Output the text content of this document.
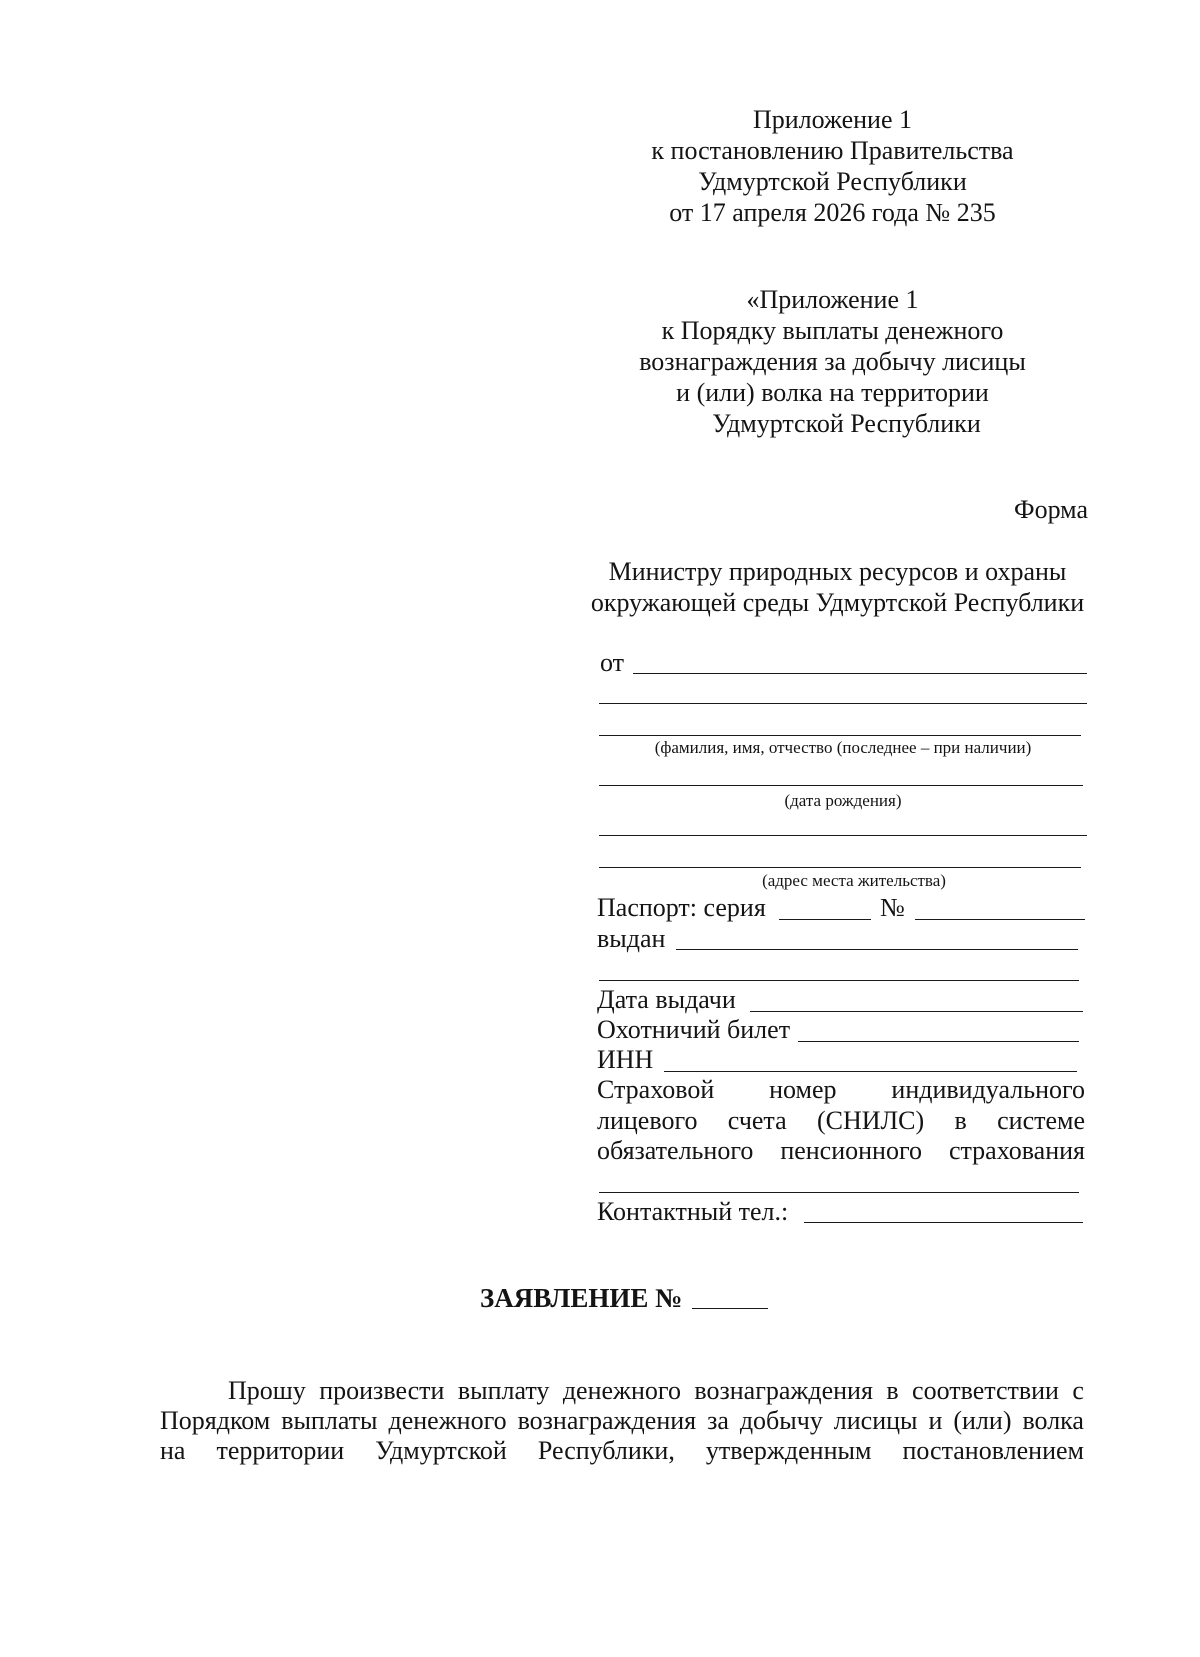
Приложение 1
к постановлению Правительства
Удмуртской Республики
от 17 апреля 2026 года № 235
«Приложение 1
к Порядку выплаты денежного
вознаграждения за добычу лисицы
и (или) волка на территории
Удмуртской Республики
Форма
Министру природных ресурсов и охраны
окружающей среды Удмуртской Республики
от
(фамилия, имя, отчество (последнее – при наличии)
(дата рождения)
(адрес места жительства)
Паспорт: серия	№
выдан
Дата выдачи
Охотничий билет
ИНН
Страховой номер индивидуального
лицевого счета (СНИЛС) в системе
обязательного пенсионного страхования
Контактный тел.:
ЗАЯВЛЕНИЕ №
Прошу произвести выплату денежного вознаграждения в соответствии с
Порядком выплаты денежного вознаграждения за добычу лисицы и (или) волка
на территории Удмуртской Республики, утвержденным постановлением
